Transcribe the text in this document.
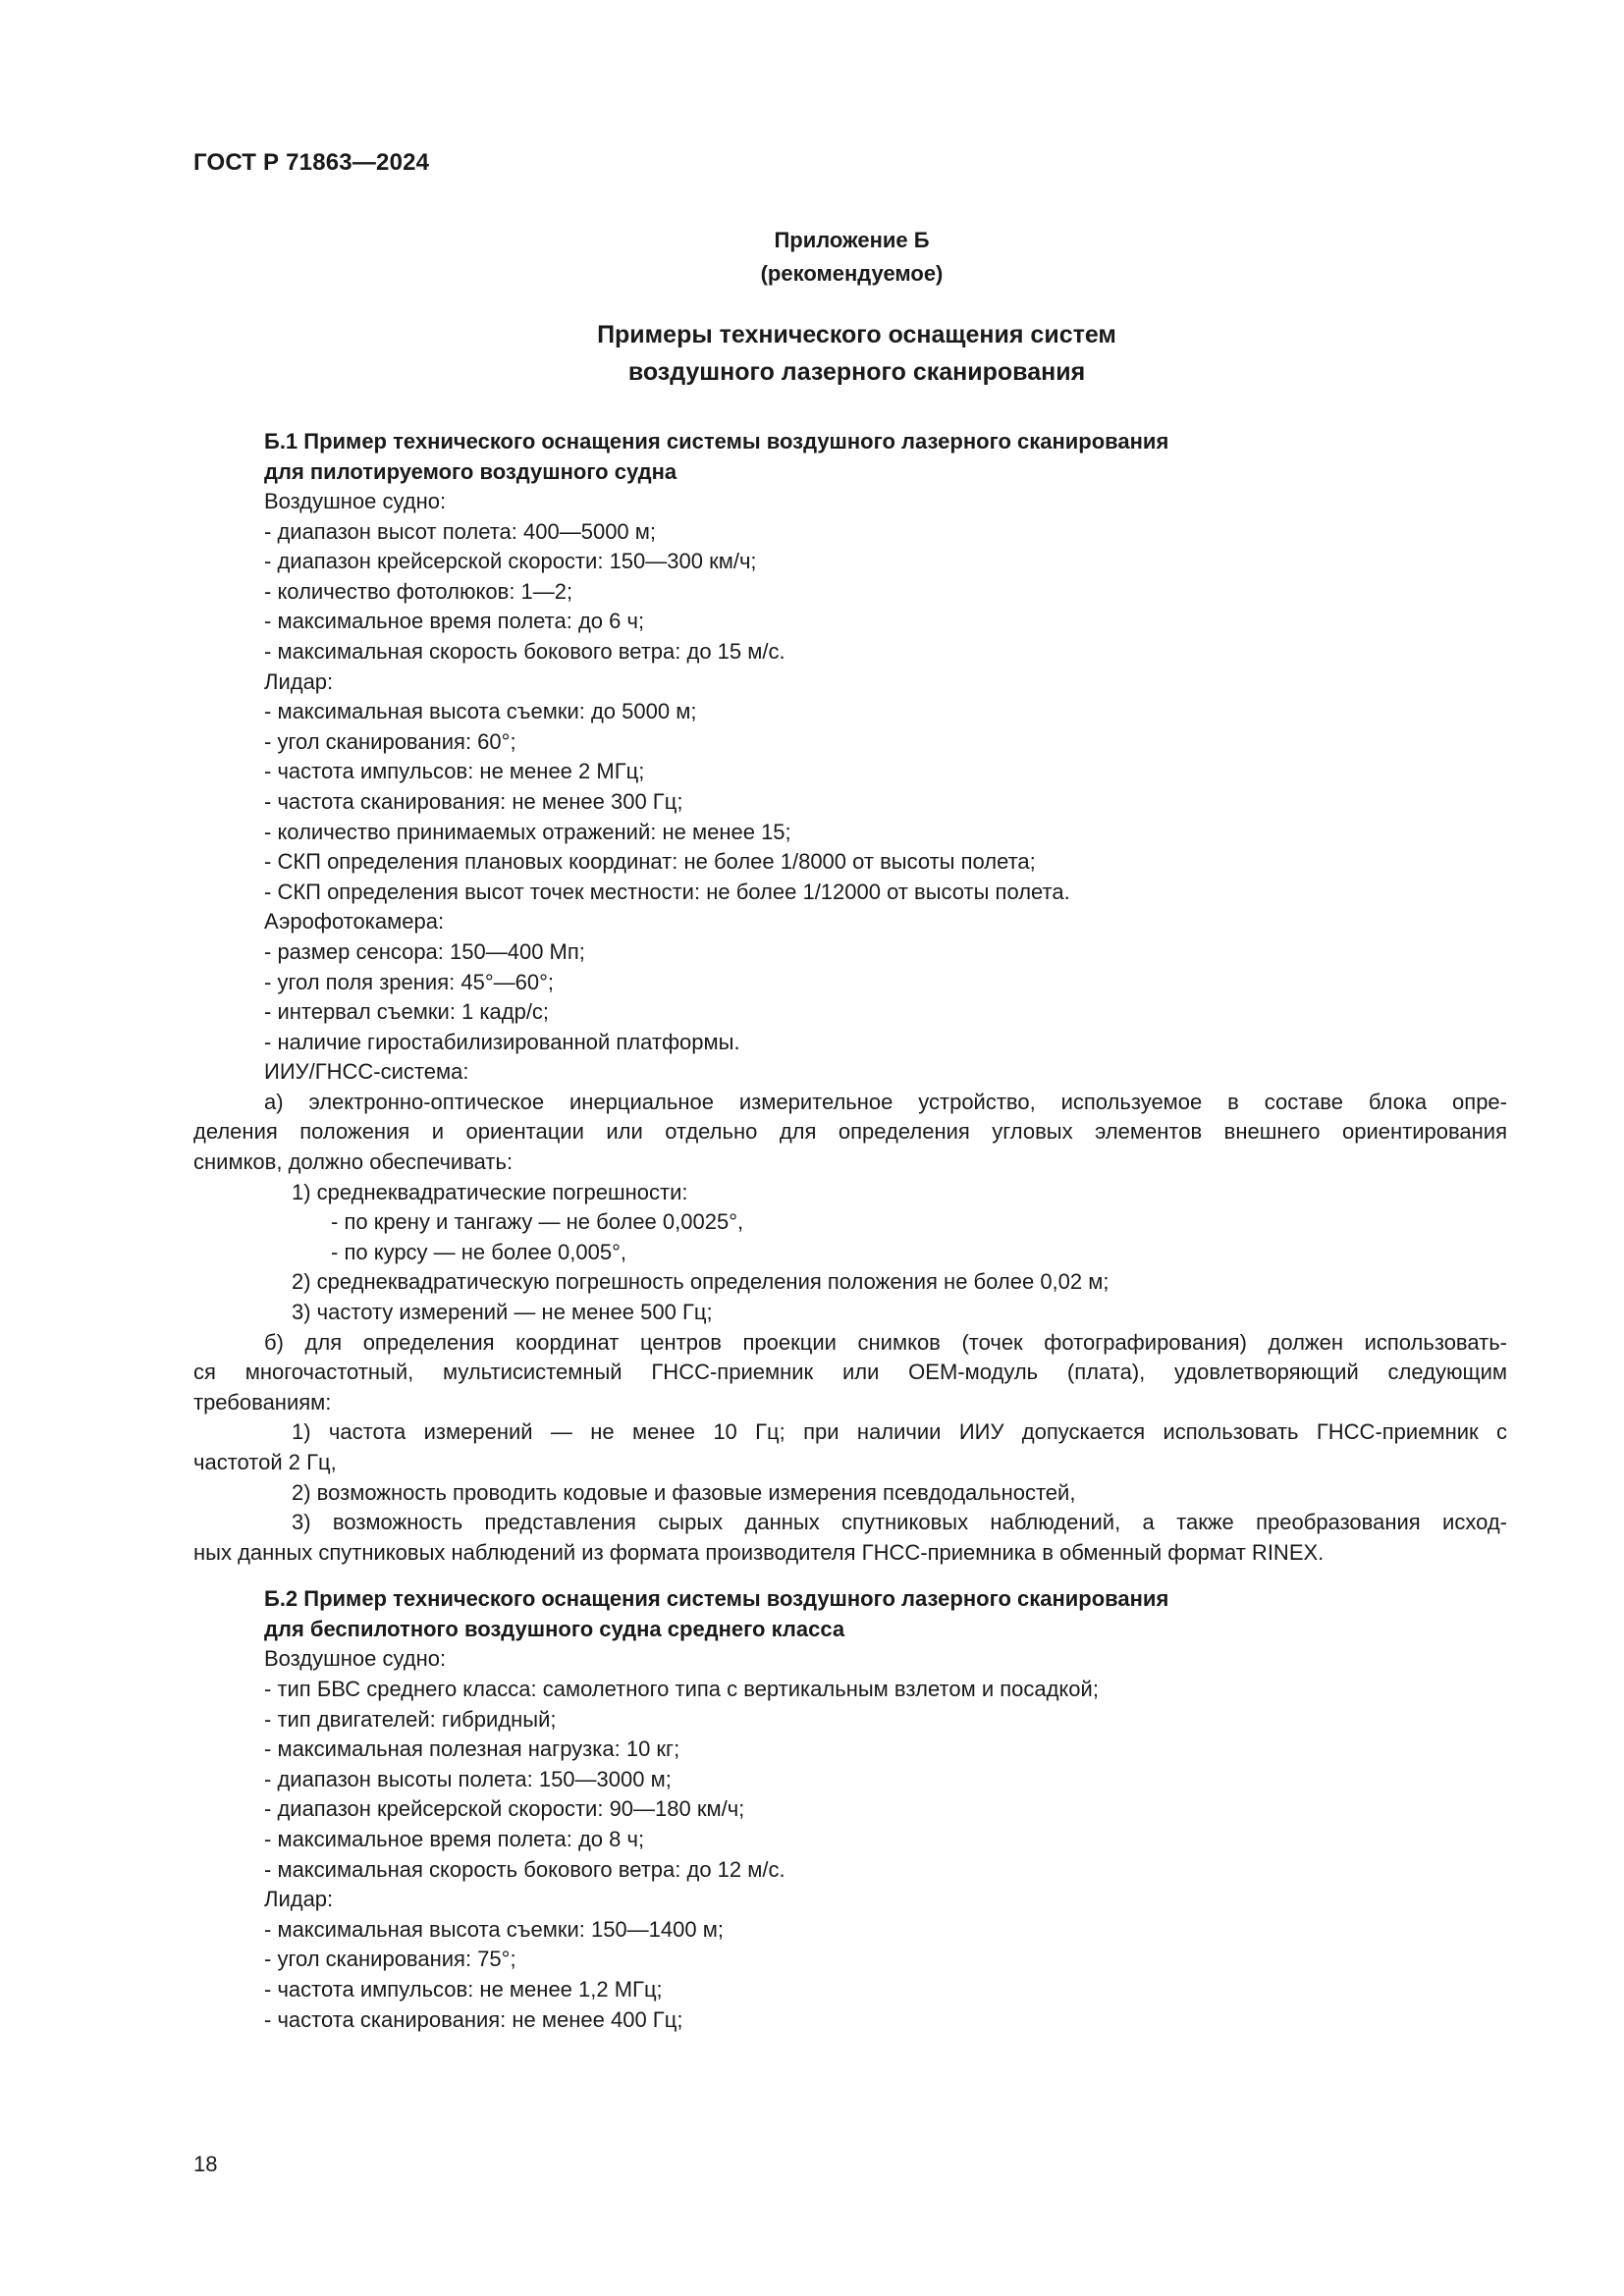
ГОСТ Р 71863—2024
Приложение Б
(рекомендуемое)
Примеры технического оснащения систем
воздушного лазерного сканирования
Б.1 Пример технического оснащения системы воздушного лазерного сканирования
для пилотируемого воздушного судна
Воздушное судно:
- диапазон высот полета: 400—5000 м;
- диапазон крейсерской скорости: 150—300 км/ч;
- количество фотолюков: 1—2;
- максимальное время полета: до 6 ч;
- максимальная скорость бокового ветра: до 15 м/с.
Лидар:
- максимальная высота съемки: до 5000 м;
- угол сканирования: 60°;
- частота импульсов: не менее 2 МГц;
- частота сканирования: не менее 300 Гц;
- количество принимаемых отражений: не менее 15;
- СКП определения плановых координат: не более 1/8000 от высоты полета;
- СКП определения высот точек местности: не более 1/12000 от высоты полета.
Аэрофотокамера:
- размер сенсора: 150—400 Мп;
- угол поля зрения: 45°—60°;
- интервал съемки: 1 кадр/с;
- наличие гиростабилизированной платформы.
ИИУ/ГНСС-система:
а) электронно-оптическое инерциальное измерительное устройство, используемое в составе блока опре-
деления положения и ориентации или отдельно для определения угловых элементов внешнего ориентирования
снимков, должно обеспечивать:
1) среднеквадратические погрешности:
- по крену и тангажу — не более 0,0025°,
- по курсу — не более 0,005°,
2) среднеквадратическую погрешность определения положения не более 0,02 м;
3) частоту измерений — не менее 500 Гц;
б) для определения координат центров проекции снимков (точек фотографирования) должен использовать-
ся многочастотный, мультисистемный ГНСС-приемник или OEM-модуль (плата), удовлетворяющий следующим
требованиям:
1) частота измерений — не менее 10 Гц; при наличии ИИУ допускается использовать ГНСС-приемник с
частотой 2 Гц,
2) возможность проводить кодовые и фазовые измерения псевдодальностей,
3) возможность представления сырых данных спутниковых наблюдений, а также преобразования исход-
ных данных спутниковых наблюдений из формата производителя ГНСС-приемника в обменный формат RINEX.
Б.2 Пример технического оснащения системы воздушного лазерного сканирования
для беспилотного воздушного судна среднего класса
Воздушное судно:
- тип БВС среднего класса: самолетного типа с вертикальным взлетом и посадкой;
- тип двигателей: гибридный;
- максимальная полезная нагрузка: 10 кг;
- диапазон высоты полета: 150—3000 м;
- диапазон крейсерской скорости: 90—180 км/ч;
- максимальное время полета: до 8 ч;
- максимальная скорость бокового ветра: до 12 м/с.
Лидар:
- максимальная высота съемки: 150—1400 м;
- угол сканирования: 75°;
- частота импульсов: не менее 1,2 МГц;
- частота сканирования: не менее 400 Гц;
18
